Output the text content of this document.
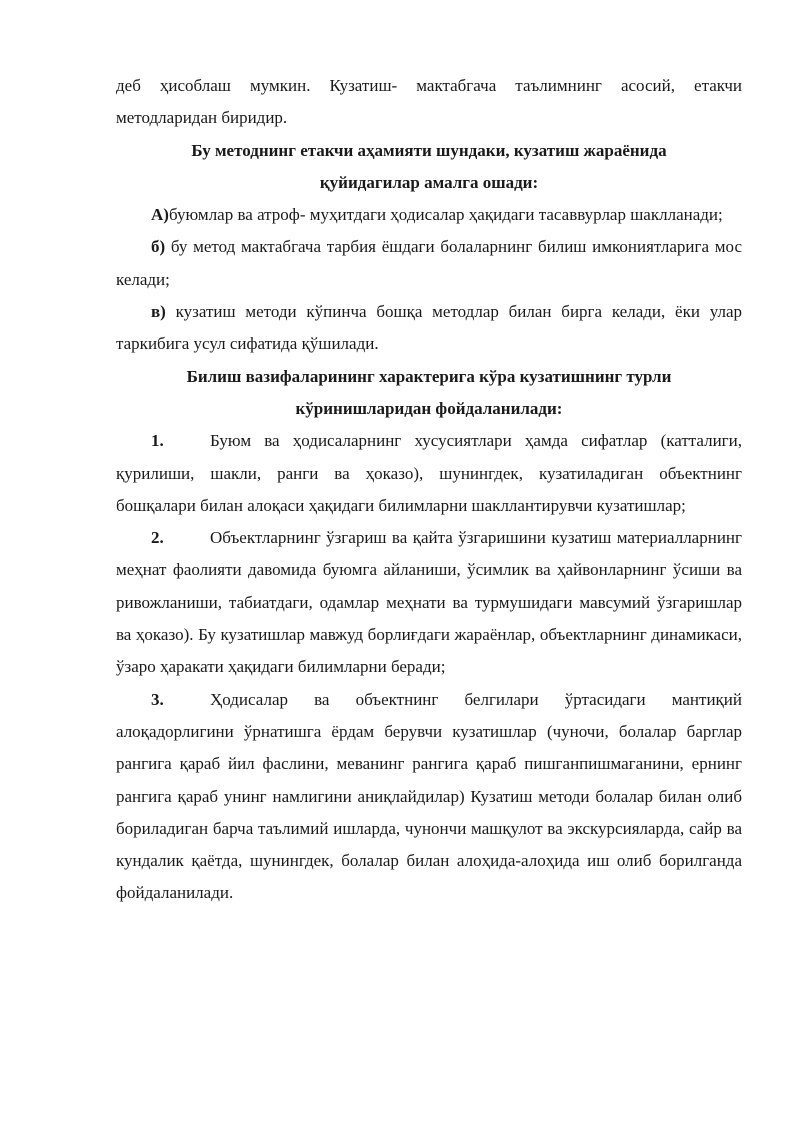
деб ҳисоблаш мумкин. Кузатиш- мактабгача таълимнинг асосий, етакчи методларидан биридир.

Бу методнинг етакчи аҳамияти шундаки, кузатиш жараёнида
қуйидагилар амалга ошади:

А)буюмлар ва атроф- муҳитдаги ҳодисалар ҳақидаги тасаввурлар шаклланади;

б) бу метод мактабгача тарбия ёшдаги болаларнинг билиш имкониятларига мос келади;

в) кузатиш методи кўпинча бошқа методлар билан бирга келади, ёки улар таркибига усул сифатида қўшилади.

Билиш вазифаларининг характерига кўра кузатишнинг турли
кўринишларидан фойдаланилади:

1.	Буюм ва ҳодисаларнинг хусусиятлари ҳамда сифатлар (катталиги, қурилиши, шакли, ранги ва ҳоказо), шунингдек, кузатиладиган объектнинг бошқалари билан алоқаси ҳақидаги билимларни шакллантирувчи кузатишлар;

2.	Объектларнинг ўзгариш ва қайта ўзгаришини кузатиш материалларнинг меҳнат фаолияти давомида буюмга айланиши, ўсимлик ва ҳайвонларнинг ўсиши ва ривожланиши, табиатдаги, одамлар меҳнати ва турмушидаги мавсумий ўзгаришлар ва ҳоказо). Бу кузатишлар мавжуд борлиғдаги жараёнлар, объектларнинг динамикаси, ўзаро ҳаракати ҳақидаги билимларни беради;

3.	Ҳодисалар ва объектнинг белгилари ўртасидаги мантиқий алоқадорлигини ўрнатишга ёрдам берувчи кузатишлар (чуночи, болалар барглар рангига қараб йил фаслини, меванинг рангига қараб пишганпишмаганини, ернинг рангига қараб унинг намлигини аниқлайдилар) Кузатиш методи болалар билан олиб бориладиган барча таълимий ишларда, чунончи машқулот ва экскурсияларда, сайр ва кундалик қаётда, шунингдек, болалар билан алоҳида-алоҳида иш олиб борилганда фойдаланилади.
